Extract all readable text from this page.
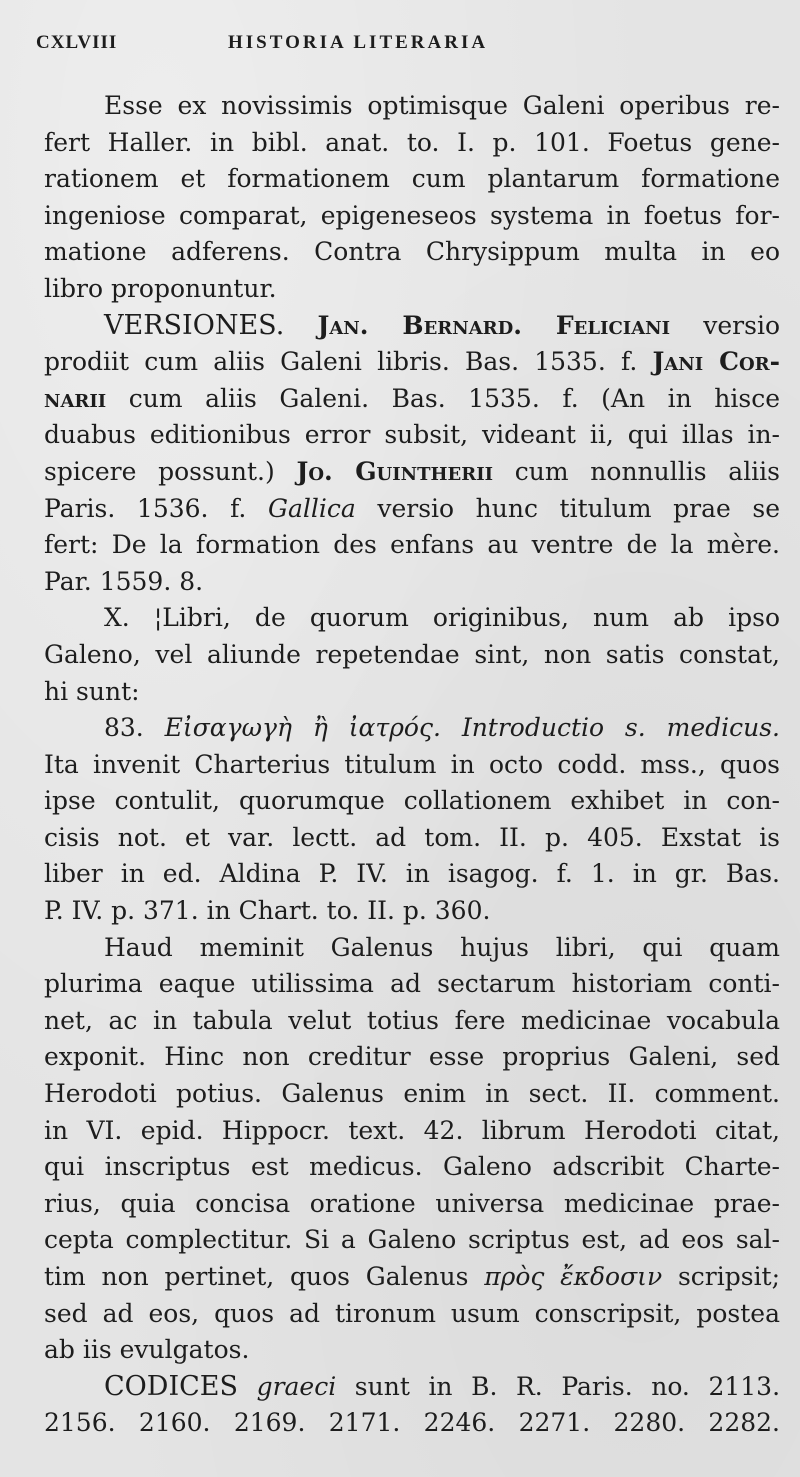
CXLVIII	HISTORIA LITERARIA
Esse ex novissimis optimisque Galeni operibus re-
fert Haller. in bibl. anat. to. I. p. 101. Foetus gene-
rationem et formationem cum plantarum formatione
ingeniose comparat, epigeneseos systema in foetus for-
matione adferens. Contra Chrysippum multa in eo
libro proponuntur.
VERSIONES. Jan. Bernard. Feliciani versio
prodiit cum aliis Galeni libris. Bas. 1535. f. Jani Cor-
narii cum aliis Galeni. Bas. 1535. f. (An in hisce
duabus editionibus error subsit, videant ii, qui illas in-
spicere possunt.) Jo. Guintherii cum nonnullis aliis
Paris. 1536. f. Gallica versio hunc titulum prae se
fert: De la formation des enfans au ventre de la mère.
Par. 1559. 8.
X. ¦Libri, de quorum originibus, num ab ipso
Galeno, vel aliunde repetendae sint, non satis constat,
hi sunt:
83. Εἰσαγωγὴ ἢ ἰατρός. Introductio s. medicus.
Ita invenit Charterius titulum in octo codd. mss., quos
ipse contulit, quorumque collationem exhibet in con-
cisis not. et var. lectt. ad tom. II. p. 405. Exstat is
liber in ed. Aldina P. IV. in isagog. f. 1. in gr. Bas.
P. IV. p. 371. in Chart. to. II. p. 360.
Haud meminit Galenus hujus libri, qui quam
plurima eaque utilissima ad sectarum historiam conti-
net, ac in tabula velut totius fere medicinae vocabula
exponit. Hinc non creditur esse proprius Galeni, sed
Herodoti potius. Galenus enim in sect. II. comment.
in VI. epid. Hippocr. text. 42. librum Herodoti citat,
qui inscriptus est medicus. Galeno adscribit Charte-
rius, quia concisa oratione universa medicinae prae-
cepta complectitur. Si a Galeno scriptus est, ad eos sal-
tim non pertinet, quos Galenus πρὸς ἔκδοσιν scripsit;
sed ad eos, quos ad tironum usum conscripsit, postea
ab iis evulgatos.
CODICES graeci sunt in B. R. Paris. no. 2113.
2156. 2160. 2169. 2171. 2246. 2271. 2280. 2282.
